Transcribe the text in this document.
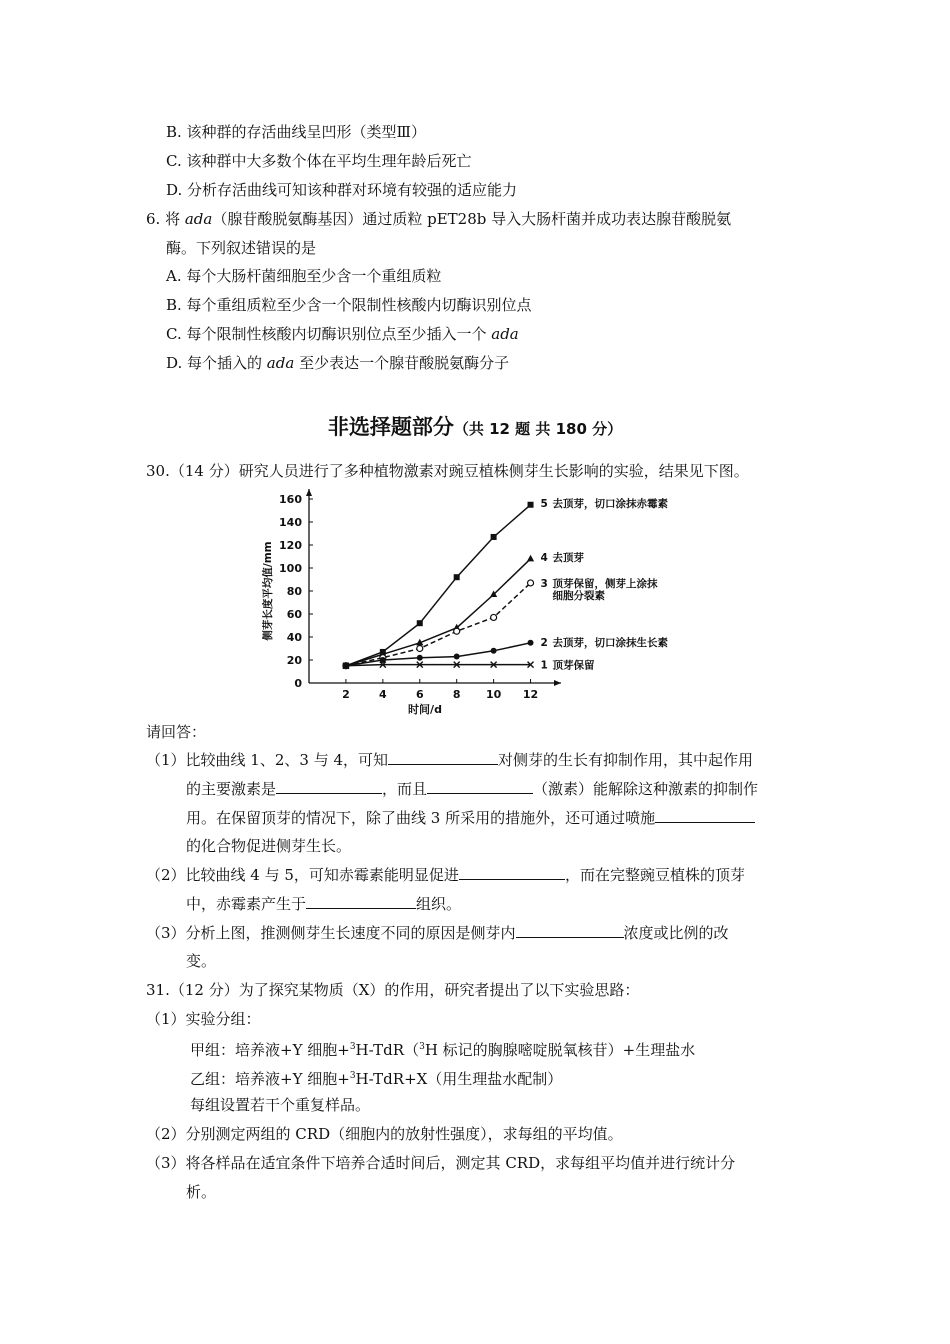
B. 该种群的存活曲线呈凹形（类型Ⅲ）
C. 该种群中大多数个体在平均生理年龄后死亡
D. 分析存活曲线可知该种群对环境有较强的适应能力
6. 将 ada（腺苷酸脱氨酶基因）通过质粒 pET28b 导入大肠杆菌并成功表达腺苷酸脱氨
酶。下列叙述错误的是
A. 每个大肠杆菌细胞至少含一个重组质粒
B. 每个重组质粒至少含一个限制性核酸内切酶识别位点
C. 每个限制性核酸内切酶识别位点至少插入一个 ada
D. 每个插入的 ada 至少表达一个腺苷酸脱氨酶分子
非选择题部分（共 12 题 共 180 分）
30.（14 分）研究人员进行了多种植物激素对豌豆植株侧芽生长影响的实验，结果见下图。
0
20
40
60
80
100
120
140
160
2	4	6	8 10 12
时间/d
侧芽长度平均值/mm
5 去顶芽，切口涂抹赤霉素
4 去顶芽
3 顶芽保留，侧芽上涂抹
细胞分裂素
2 去顶芽，切口涂抹生长素
1 顶芽保留
请回答：
（1）比较曲线 1、2、3 与 4，可知	对侧芽的生长有抑制作用，其中起作用
的主要激素是	，而且	（激素）能解除这种激素的抑制作
用。在保留顶芽的情况下，除了曲线 3 所采用的措施外，还可通过喷施
的化合物促进侧芽生长。
（2）比较曲线 4 与 5，可知赤霉素能明显促进	，而在完整豌豆植株的顶芽
中，赤霉素产生于	组织。
（3）分析上图，推测侧芽生长速度不同的原因是侧芽内	浓度或比例的改
变。
31.（12 分）为了探究某物质（X）的作用，研究者提出了以下实验思路：
（1）实验分组：
甲组：培养液+Y 细胞+$^3$H-TdR（$^3$H 标记的胸腺嘧啶脱氧核苷）+生理盐水
乙组：培养液+Y 细胞+$^3$H-TdR+X（用生理盐水配制）
每组设置若干个重复样品。
（2）分别测定两组的 CRD（细胞内的放射性强度），求每组的平均值。
（3）将各样品在适宜条件下培养合适时间后，测定其 CRD，求每组平均值并进行统计分
析。
